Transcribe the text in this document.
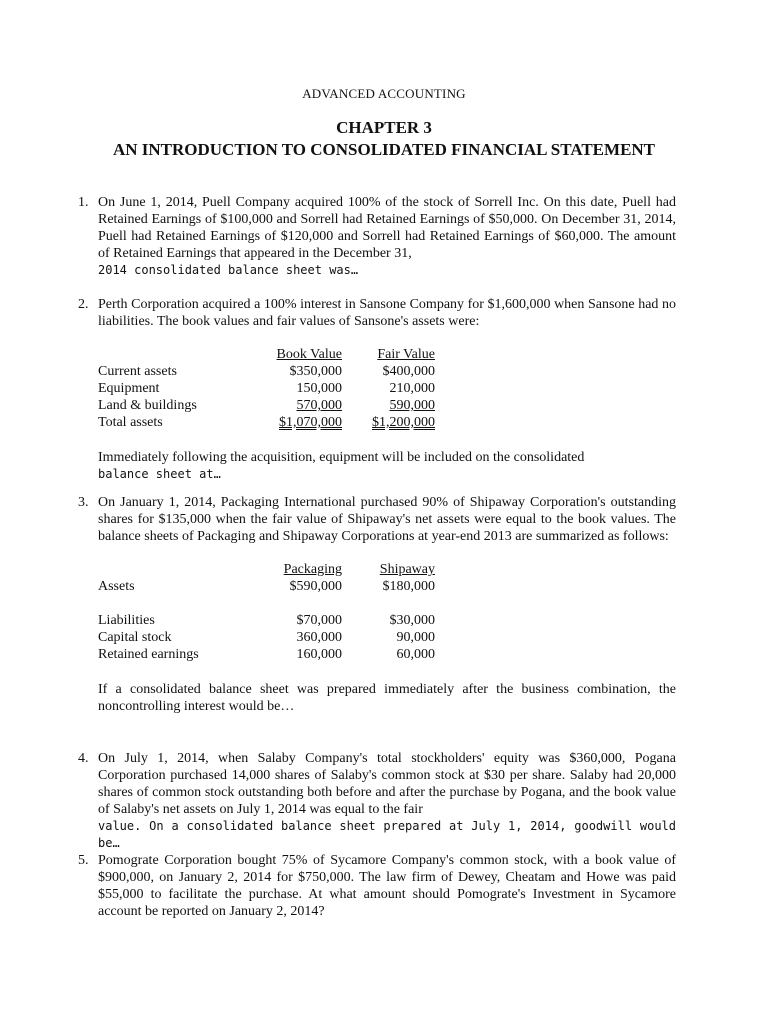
ADVANCED ACCOUNTING
CHAPTER 3
AN INTRODUCTION TO CONSOLIDATED FINANCIAL STATEMENT
1. On June 1, 2014, Puell Company acquired 100% of the stock of Sorrell Inc. On this date, Puell had Retained Earnings of $100,000 and Sorrell had Retained Earnings of $50,000. On December 31, 2014, Puell had Retained Earnings of $120,000 and Sorrell had Retained Earnings of $60,000. The amount of Retained Earnings that appeared in the December 31,

2014 consolidated balance sheet was…
2. Perth Corporation acquired a 100% interest in Sansone Company for $1,600,000 when Sansone had no liabilities. The book values and fair values of Sansone's assets were:

	Book Value	Fair Value
Current assets	$350,000	$400,000
Equipment	150,000	210,000
Land & buildings	570,000	590,000
Total assets	$1,070,000	$1,200,000

Immediately following the acquisition, equipment will be included on the consolidated

balance sheet at…
3. On January 1, 2014, Packaging International purchased 90% of Shipaway Corporation's outstanding shares for $135,000 when the fair value of Shipaway's net assets were equal to the book values. The balance sheets of Packaging and Shipaway Corporations at year-end 2013 are summarized as follows:

	Packaging	Shipaway
Assets	$590,000	$180,000

Liabilities	$70,000	$30,000
Capital stock	360,000	90,000
Retained earnings	160,000	60,000

If a consolidated balance sheet was prepared immediately after the business combination, the noncontrolling interest would be…

4. On July 1, 2014, when Salaby Company's total stockholders' equity was $360,000, Pogana Corporation purchased 14,000 shares of Salaby's common stock at $30 per share. Salaby had 20,000 shares of common stock outstanding both before and after the purchase by Pogana, and the book value of Salaby's net assets on July 1, 2014 was equal to the fair

value. On a consolidated balance sheet prepared at July 1, 2014, goodwill would be…
5. Pomograte Corporation bought 75% of Sycamore Company's common stock, with a book value of $900,000, on January 2, 2014 for $750,000. The law firm of Dewey, Cheatam and Howe was paid $55,000 to facilitate the purchase. At what amount should Pomograte's Investment in Sycamore account be reported on January 2, 2014?
